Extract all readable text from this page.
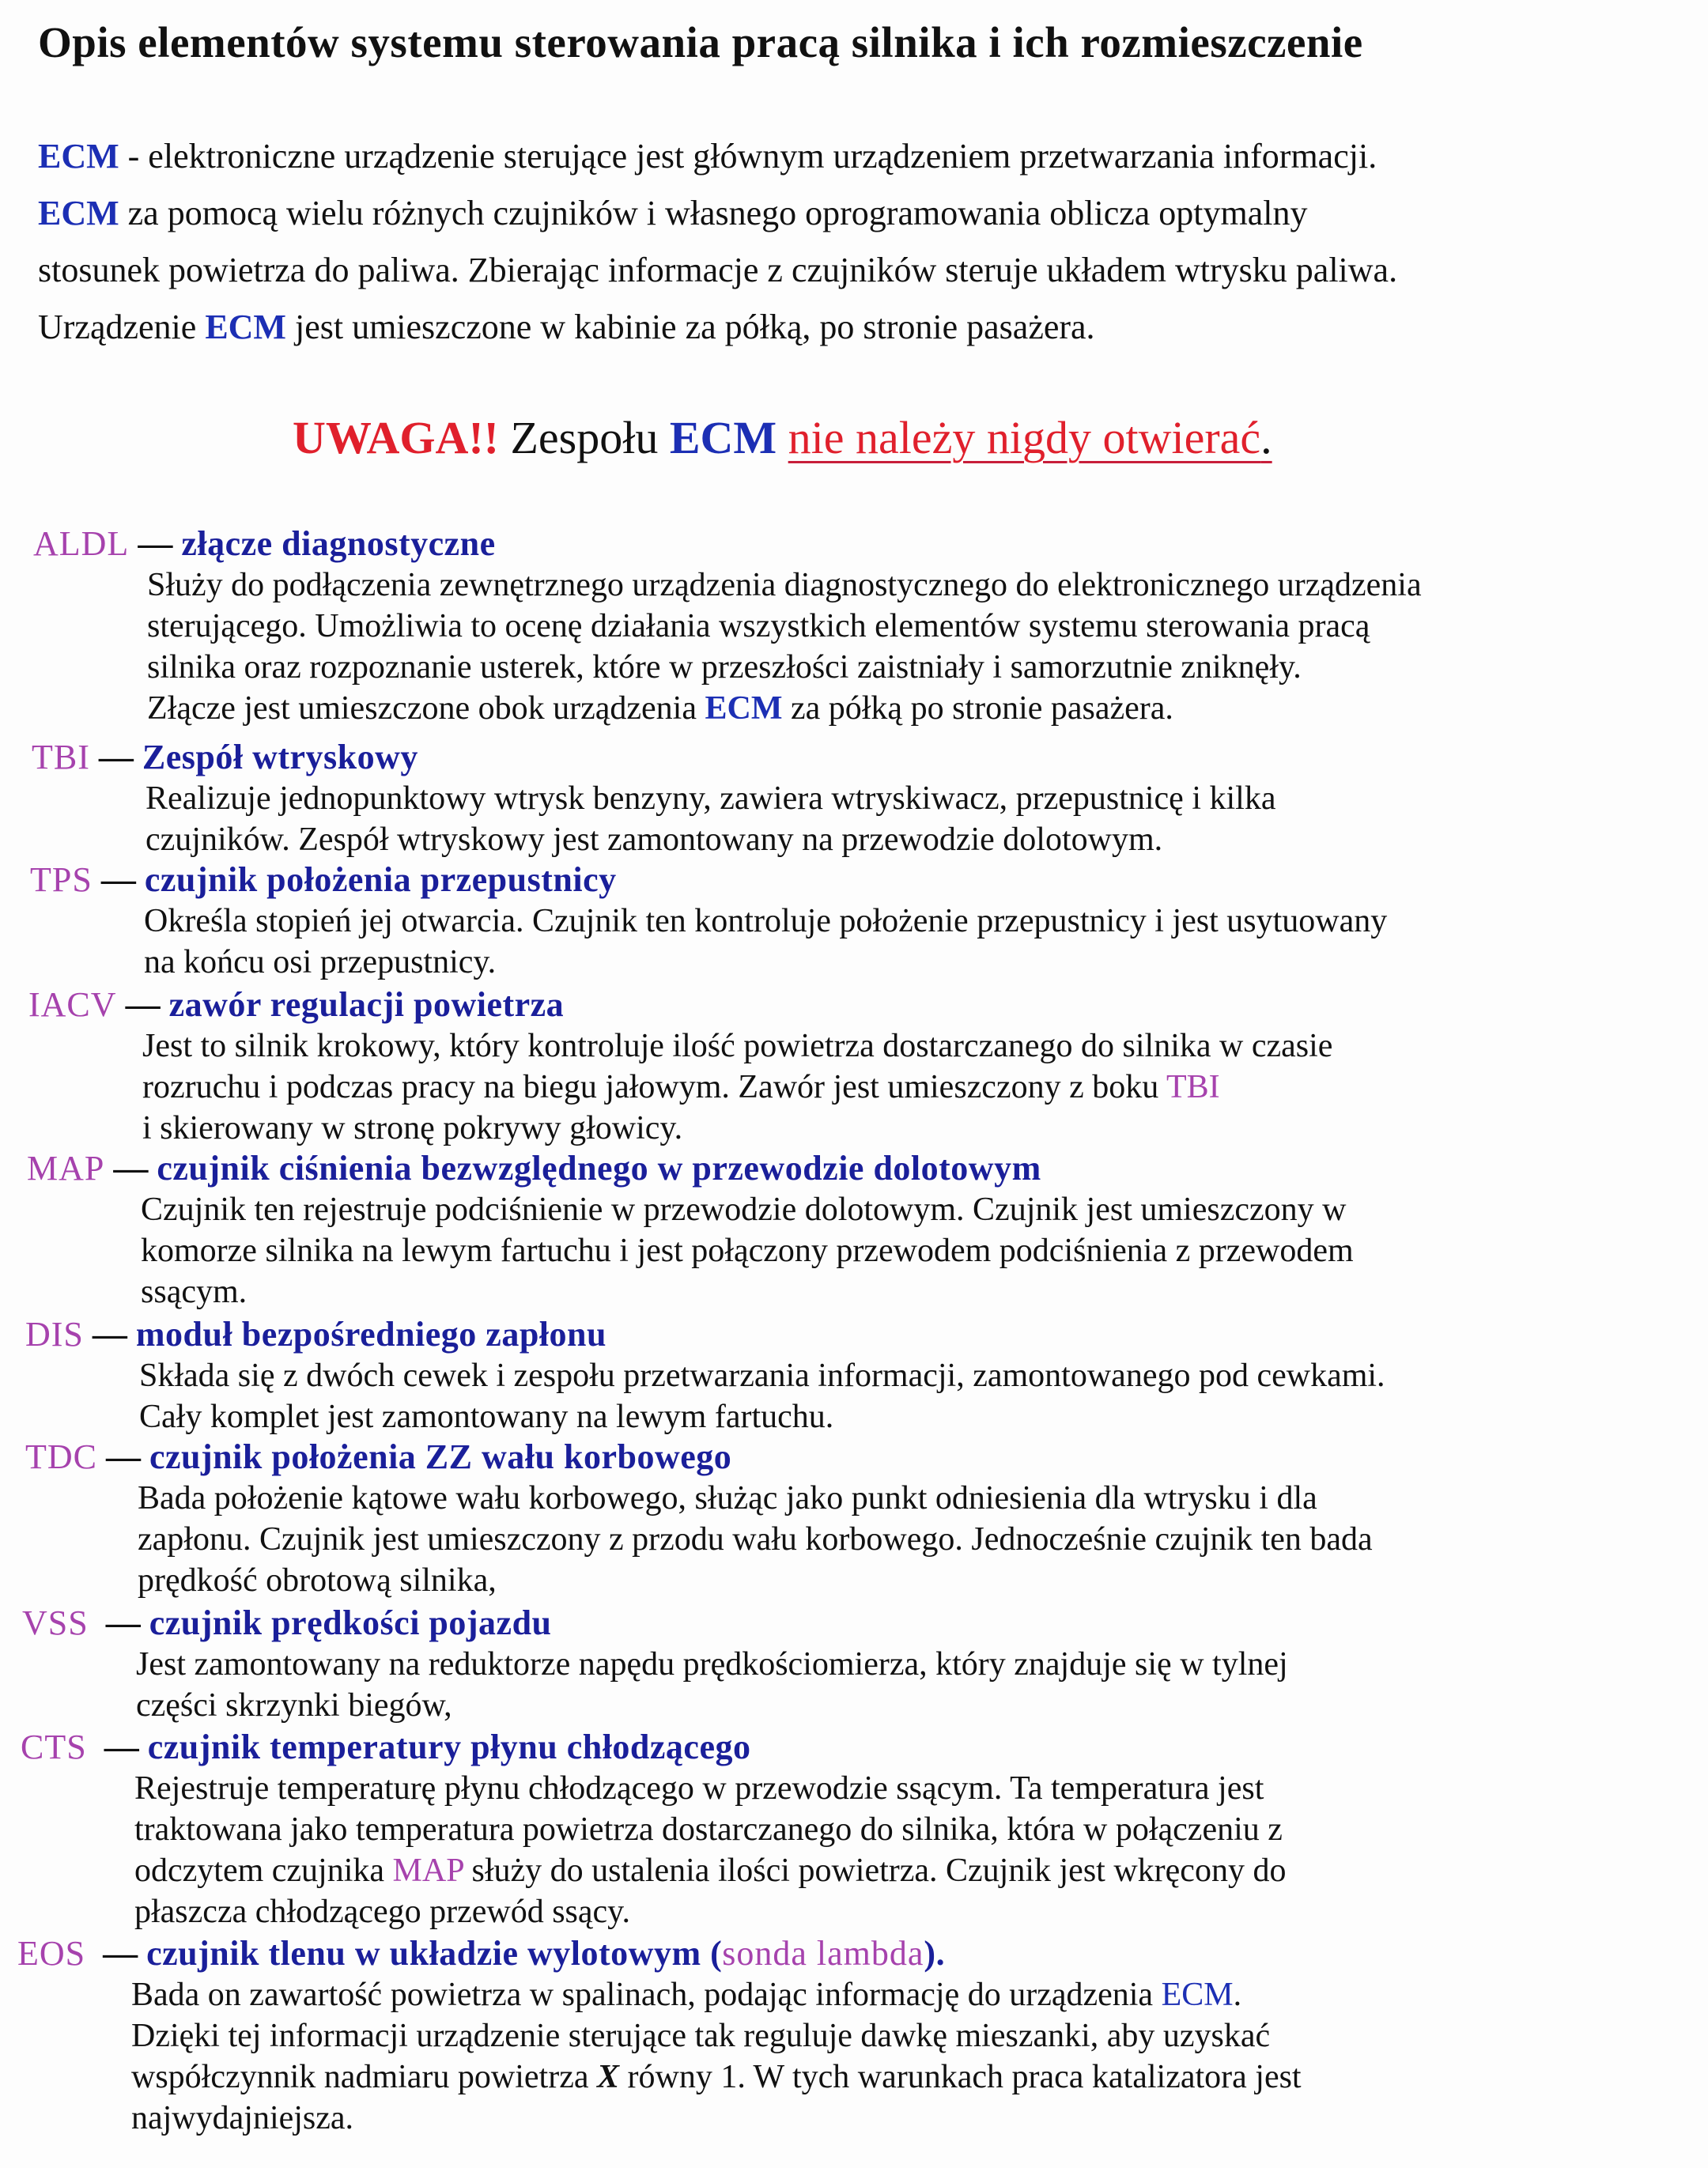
Opis elementów systemu sterowania pracą silnika i ich rozmieszczenie
ECM - elektroniczne urządzenie sterujące jest głównym urządzeniem przetwarzania informacji.
ECM za pomocą wielu różnych czujników i własnego oprogramowania oblicza optymalny
stosunek powietrza do paliwa. Zbierając informacje z czujników steruje układem wtrysku paliwa.
Urządzenie ECM jest umieszczone w kabinie za półką, po stronie pasażera.
UWAGA!! Zespołu ECM nie należy nigdy otwierać.
ALDL — złącze diagnostyczne
Służy do podłączenia zewnętrznego urządzenia diagnostycznego do elektronicznego urządzenia
sterującego. Umożliwia to ocenę działania wszystkich elementów systemu sterowania pracą
silnika oraz rozpoznanie usterek, które w przeszłości zaistniały i samorzutnie zniknęły.
Złącze jest umieszczone obok urządzenia ECM za półką po stronie pasażera.
TBI — Zespół wtryskowy
Realizuje jednopunktowy wtrysk benzyny, zawiera wtryskiwacz, przepustnicę i kilka
czujników. Zespół wtryskowy jest zamontowany na przewodzie dolotowym.
TPS — czujnik położenia przepustnicy
Określa stopień jej otwarcia. Czujnik ten kontroluje położenie przepustnicy i jest usytuowany
na końcu osi przepustnicy.
IACV — zawór regulacji powietrza
Jest to silnik krokowy, który kontroluje ilość powietrza dostarczanego do silnika w czasie
rozruchu i podczas pracy na biegu jałowym. Zawór jest umieszczony z boku TBI
i skierowany w stronę pokrywy głowicy.
MAP — czujnik ciśnienia bezwzględnego w przewodzie dolotowym
Czujnik ten rejestruje podciśnienie w przewodzie dolotowym. Czujnik jest umieszczony w
komorze silnika na lewym fartuchu i jest połączony przewodem podciśnienia z przewodem
ssącym.
DIS — moduł bezpośredniego zapłonu
Składa się z dwóch cewek i zespołu przetwarzania informacji, zamontowanego pod cewkami.
Cały komplet jest zamontowany na lewym fartuchu.
TDC — czujnik położenia ZZ wału korbowego
Bada położenie kątowe wału korbowego, służąc jako punkt odniesienia dla wtrysku i dla
zapłonu. Czujnik jest umieszczony z przodu wału korbowego. Jednocześnie czujnik ten bada
prędkość obrotową silnika,
VSS  — czujnik prędkości pojazdu
Jest zamontowany na reduktorze napędu prędkościomierza, który znajduje się w tylnej
części skrzynki biegów,
CTS  — czujnik temperatury płynu chłodzącego
Rejestruje temperaturę płynu chłodzącego w przewodzie ssącym. Ta temperatura jest
traktowana jako temperatura powietrza dostarczanego do silnika, która w połączeniu z
odczytem czujnika MAP służy do ustalenia ilości powietrza. Czujnik jest wkręcony do
płaszcza chłodzącego przewód ssący.
EOS  — czujnik tlenu w układzie wylotowym (sonda lambda).
Bada on zawartość powietrza w spalinach, podając informację do urządzenia ECM.
Dzięki tej informacji urządzenie sterujące tak reguluje dawkę mieszanki, aby uzyskać
współczynnik nadmiaru powietrza X równy 1. W tych warunkach praca katalizatora jest
najwydajniejsza.
